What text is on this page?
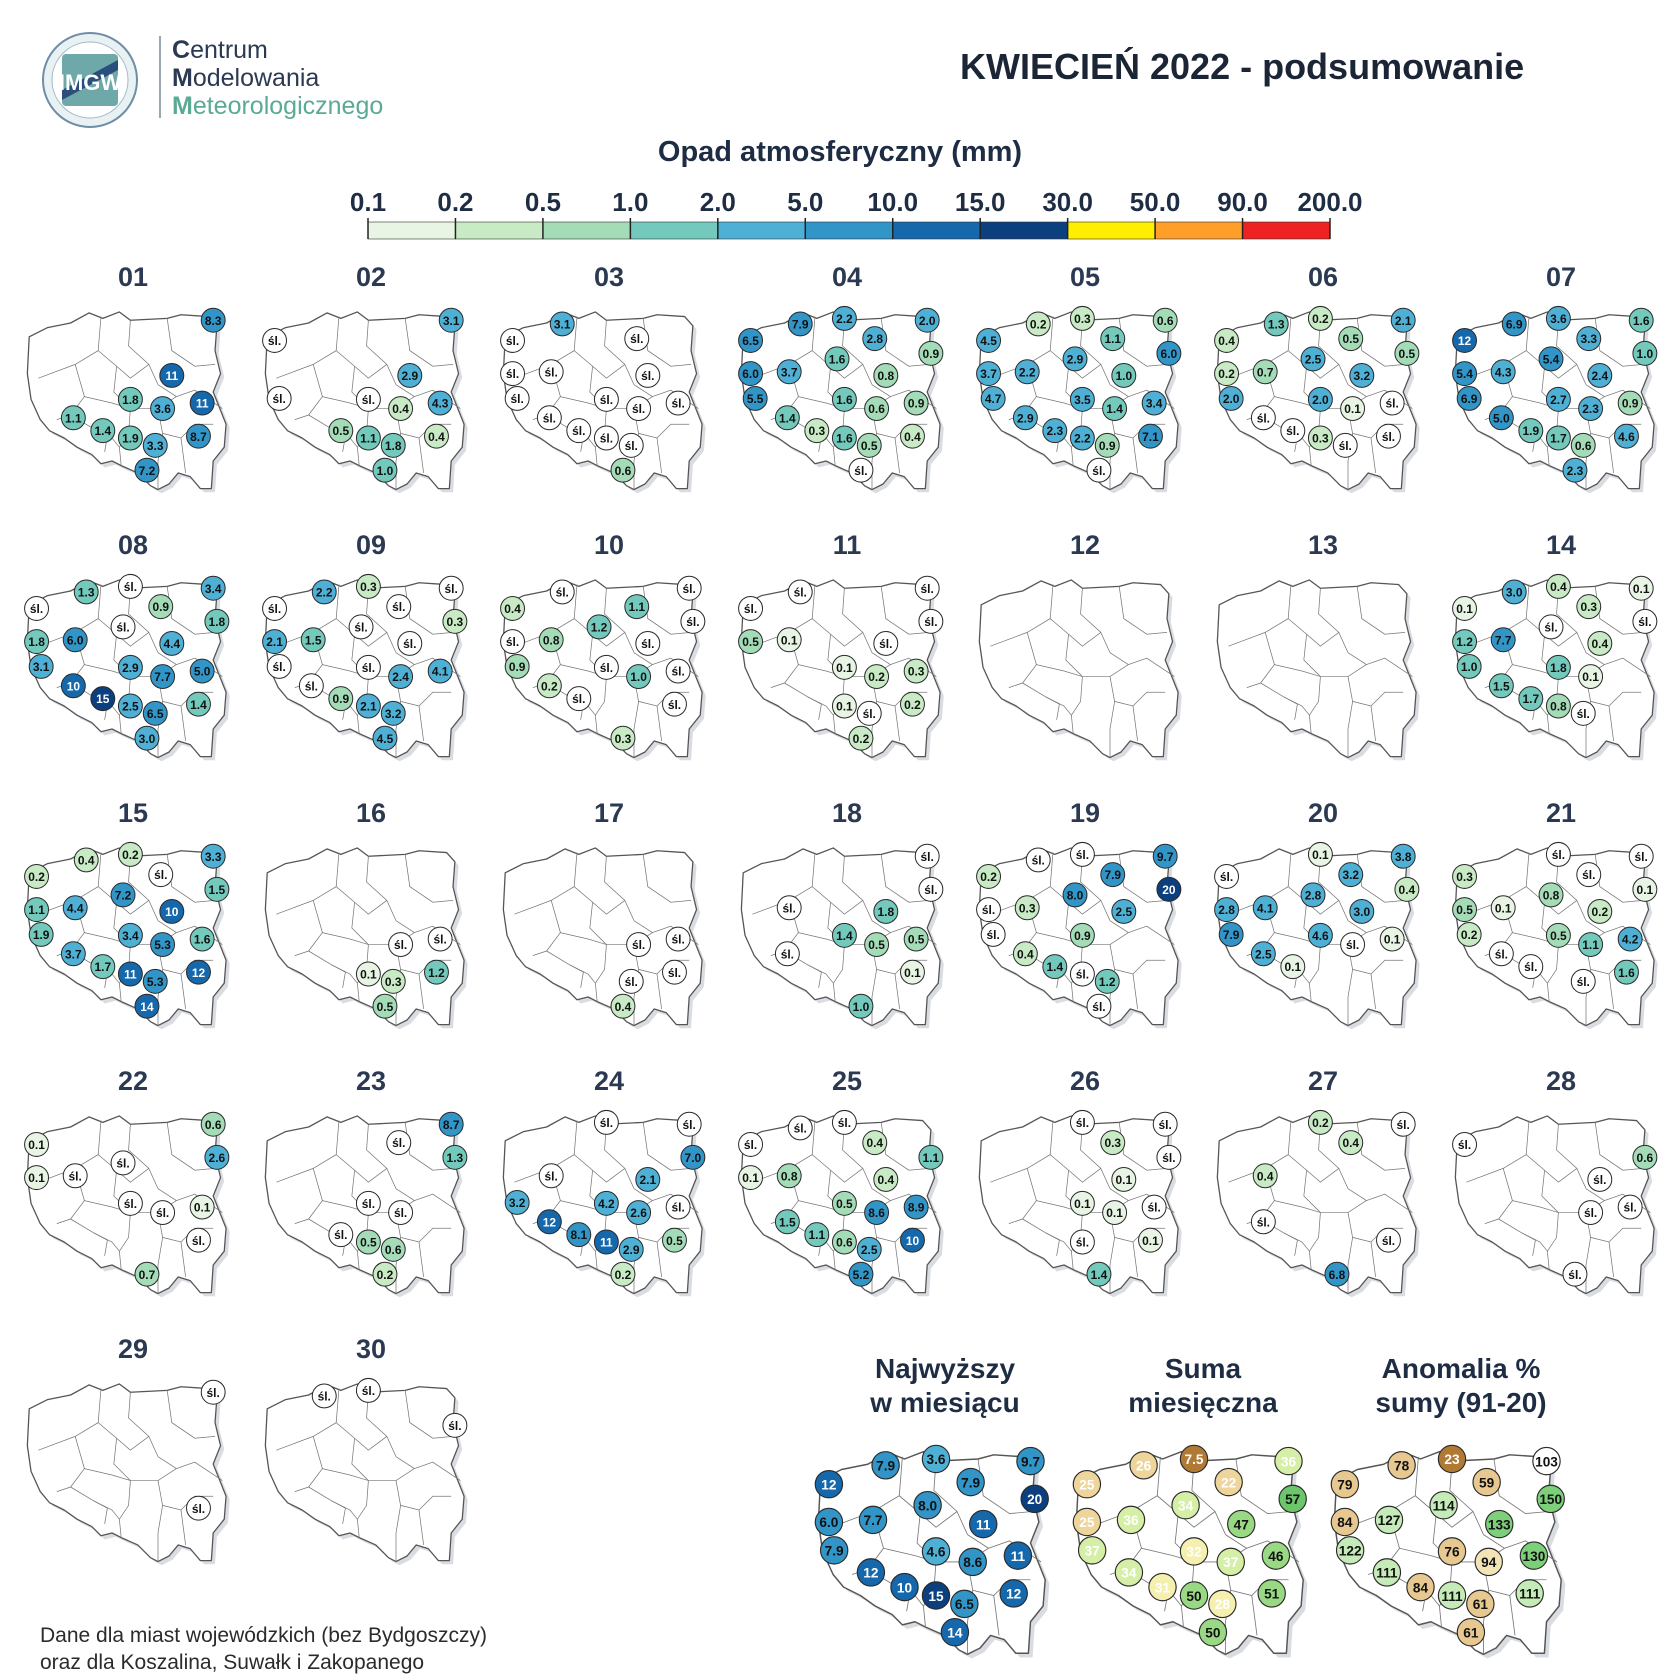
IMGW
Centrum
Modelowania
Meteorologicznego
KWIECIEŃ 2022 - podsumowanie
Opad atmosferyczny (mm)
0.1 0.2 0.5 1.0 2.0 5.0 10.0 15.0 30.0 50.0 90.0 200.0
01
8.3
11
1.8
1.1
1.4
3.6 11
1.9
3.3
8.7
7.2
02
3.1
śl.
2.9
śl.	śl.
0.5
0.4 4.3
1.1
1.8
0.4
1.0
03
3.1
śl.	śl.
śl. śl.	śl.
śl.	śl.
śl.
śl.
śl. śl.
śl.
śl.
0.6
04
7.9 2.2	2.0
6.5	2.8
0.9
6.0 3.7
1.6
0.8
5.5	1.6
1.4
0.3
0.6 0.9
1.6
0.5
0.4
śl.
05
0.2 0.3	0.6
4.5	1.1
6.0
3.7 2.2
2.9
1.0
4.7	3.5
2.9
2.3
1.4 3.4
2.2
0.9
7.1
śl.
06
1.3 0.2	2.1
0.4	0.5
0.5
0.2 0.7
2.5
3.2
2.0	2.0
śl.
śl.
0.1 śl.
0.3
śl.
śl.
07
6.9 3.6	1.6
12	3.3
1.0
5.4 4.3
5.4
2.4
6.9	2.7
5.0
1.9
2.3 0.9
1.7
0.6
4.6
2.3
08
1.3 śl.	3.4
śl.	0.9
1.8
1.8 6.0
śl.
4.4
3.1	2.9
10
15
7.7 5.0
2.5
6.5
1.4
3.0
09
2.2 0.3	śl.
śl.	śl.
0.3
2.1 1.5
śl.
śl.
śl.	śl.
śl.
0.9
2.4 4.1
2.1
3.2
4.5
10
śl.	śl.
0.4	1.1
śl.
śl. 0.8
1.2
śl.
0.9	śl.
0.2
śl.
1.0 śl.
śl.
0.3
11
śl.	śl.
śl.
śl.
0.5 0.1	śl.
0.1
0.2 0.3
0.1
śl.
0.2
0.2
12	13	14
3.0 0.4	0.1
0.1	0.3
śl.
1.2 7.7
śl.
0.4
1.0	1.8
1.5
1.7
0.1
0.8
śl.
15
0.4 0.2	3.3
0.2	śl.
1.5
1.1 4.4
7.2
10
1.9	3.4
3.7
1.7
5.3 1.6
11
5.3
12
14
16
śl. śl.
0.1
0.3
1.2
0.5
17
śl. śl.
śl.
śl.
0.4
18
śl.
śl.
śl.	1.8
1.4
śl.
0.5 0.5
0.1
1.0
19
śl. śl.	9.7
0.2	7.9
20
śl. 0.3
8.0
2.5
śl.	0.9
0.4
1.4
śl.
1.2
śl.
20
0.1	3.8
śl.	3.2
0.4
2.8 4.1
2.8
3.0
7.9	4.6
2.5
0.1
śl. 0.1
21
śl.	śl.
0.3	śl.
0.1
0.5 0.1
0.8
0.2
0.2	0.5
śl.
śl.
1.1 4.2
śl.
1.6
22
0.6
0.1
2.6
0.1 śl.
śl.
śl.
śl. 0.1
śl.
0.7
23
8.7
śl.
1.3
śl.
śl.
śl.
0.5
0.6
0.2
24
śl.	śl.
7.0
śl.	2.1
3.2	4.2
12
8.1
2.6 śl.
11
2.9
0.5
0.2
25
śl. śl.
śl.	0.4
1.1
0.1 0.8	0.4
0.5
1.5
1.1
8.6 8.9
0.6
2.5
10
5.2
26
śl.	śl.
0.3
śl.
0.1
0.1
0.1 śl.
śl.	0.1
1.4
27
0.2	śl.
0.4
0.4
śl.
śl.
6.8
28
śl.
0.6
śl.
śl. śl.
śl.
29
śl.
śl.
30
śl. śl.
śl.
Najwyższy
w miesiącu
7.9 3.6	9.7
12	7.9
20
6.0 7.7
8.0
11
7.9	4.6
12
10
8.6 11
15
6.5
12
14
Suma
miesięczna
26	7.5	36
25	22
57
25 36
34
47
37	32
34
31
37 46
50
28
51
50
Anomalia %
sumy (91-20)
78	23	103
79	59
150
84 127
114
133
122	76
111
84
94 130
111
61
111
61
Dane dla miast wojewódzkich (bez Bydgoszczy)
oraz dla Koszalina, Suwałk i Zakopanego
